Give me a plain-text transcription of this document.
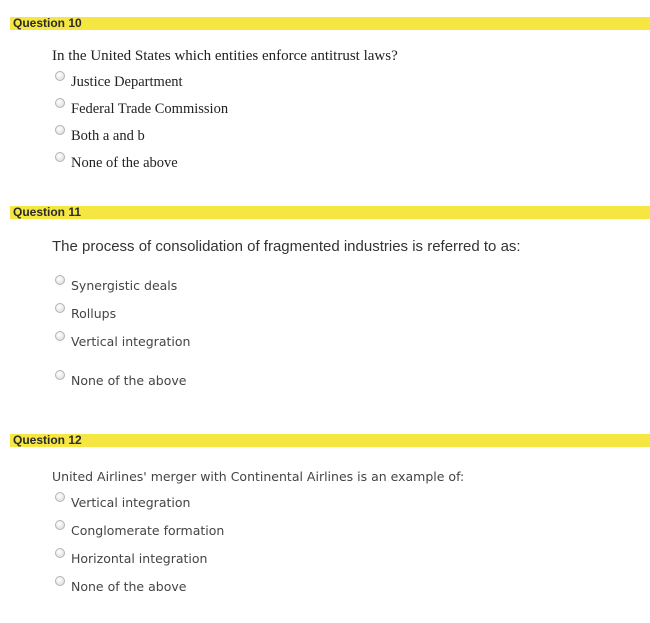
Question 10
In the United States which entities enforce antitrust laws?
Justice Department
Federal Trade Commission
Both a and b
None of the above
Question 11
The process of consolidation of fragmented industries is referred to as:
Synergistic deals
Rollups
Vertical integration
None of the above
Question 12
United Airlines' merger with Continental Airlines is an example of:
Vertical integration
Conglomerate formation
Horizontal integration
None of the above
